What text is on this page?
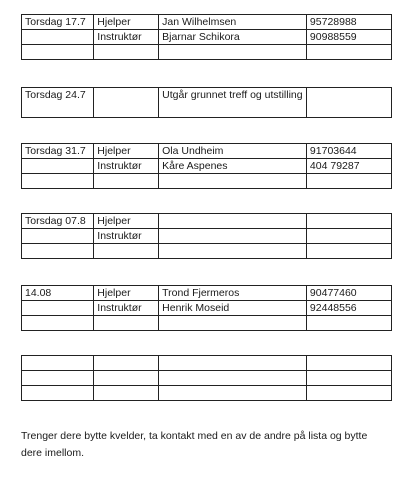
Torsdag 17.7	Hjelper	Jan Wilhelmsen	95728988
	Instruktør	Bjarnar Schikora	90988559

Torsdag 24.7		Utgår grunnet treff og utstilling	
Torsdag 31.7	Hjelper	Ola Undheim	91703644
	Instruktør	Kåre Aspenes	404 79287

Torsdag 07.8	Hjelper		
	Instruktør		

14.08	Hjelper	Trond Fjermeros	90477460
	Instruktør	Henrik Moseid	92448556

Trenger dere bytte kvelder, ta kontakt med en av de andre på lista og bytte dere imellom.
